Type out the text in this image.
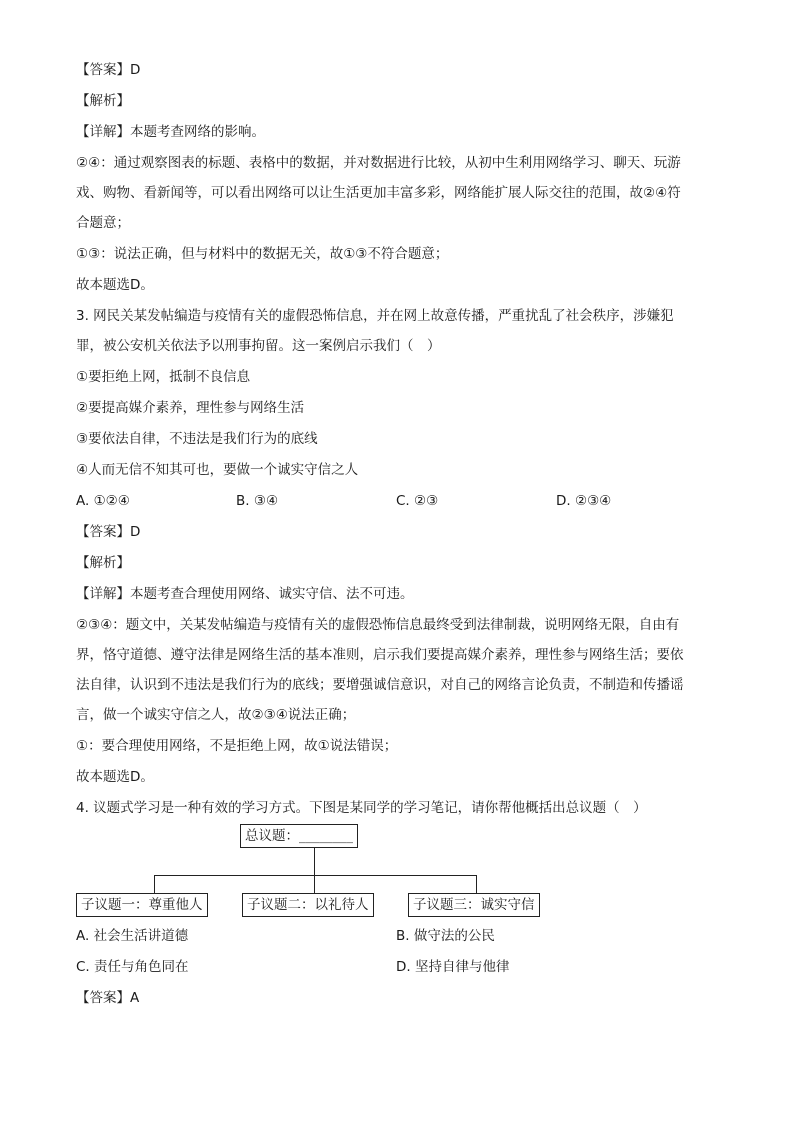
【答案】D
【解析】
【详解】本题考查网络的影响。
②④：通过观察图表的标题、表格中的数据，并对数据进行比较，从初中生利用网络学习、聊天、玩游
戏、购物、看新闻等，可以看出网络可以让生活更加丰富多彩，网络能扩展人际交往的范围，故②④符
合题意；
①③：说法正确，但与材料中的数据无关，故①③不符合题意；
故本题选D。
3. 网民关某发帖编造与疫情有关的虚假恐怖信息，并在网上故意传播，严重扰乱了社会秩序，涉嫌犯
罪，被公安机关依法予以刑事拘留。这一案例启示我们（　）
①要拒绝上网，抵制不良信息
②要提高媒介素养，理性参与网络生活
③要依法自律，不违法是我们行为的底线
④人而无信不知其可也，要做一个诚实守信之人
A. ①②④	B. ③④	C. ②③	D. ②③④
【答案】D
【解析】
【详解】本题考查合理使用网络、诚实守信、法不可违。
②③④：题文中，关某发帖编造与疫情有关的虚假恐怖信息最终受到法律制裁，说明网络无限，自由有
界，恪守道德、遵守法律是网络生活的基本准则，启示我们要提高媒介素养，理性参与网络生活；要依
法自律，认识到不违法是我们行为的底线；要增强诚信意识，对自己的网络言论负责，不制造和传播谣
言，做一个诚实守信之人，故②③④说法正确；
①：要合理使用网络，不是拒绝上网，故①说法错误；
故本题选D。
4. 议题式学习是一种有效的学习方式。下图是某同学的学习笔记，请你帮他概括出总议题（　）
总议题：________
子议题一：尊重他人	子议题二：以礼待人	子议题三：诚实守信
A. 社会生活讲道德	B. 做守法的公民
C. 责任与角色同在	D. 坚持自律与他律
【答案】A
